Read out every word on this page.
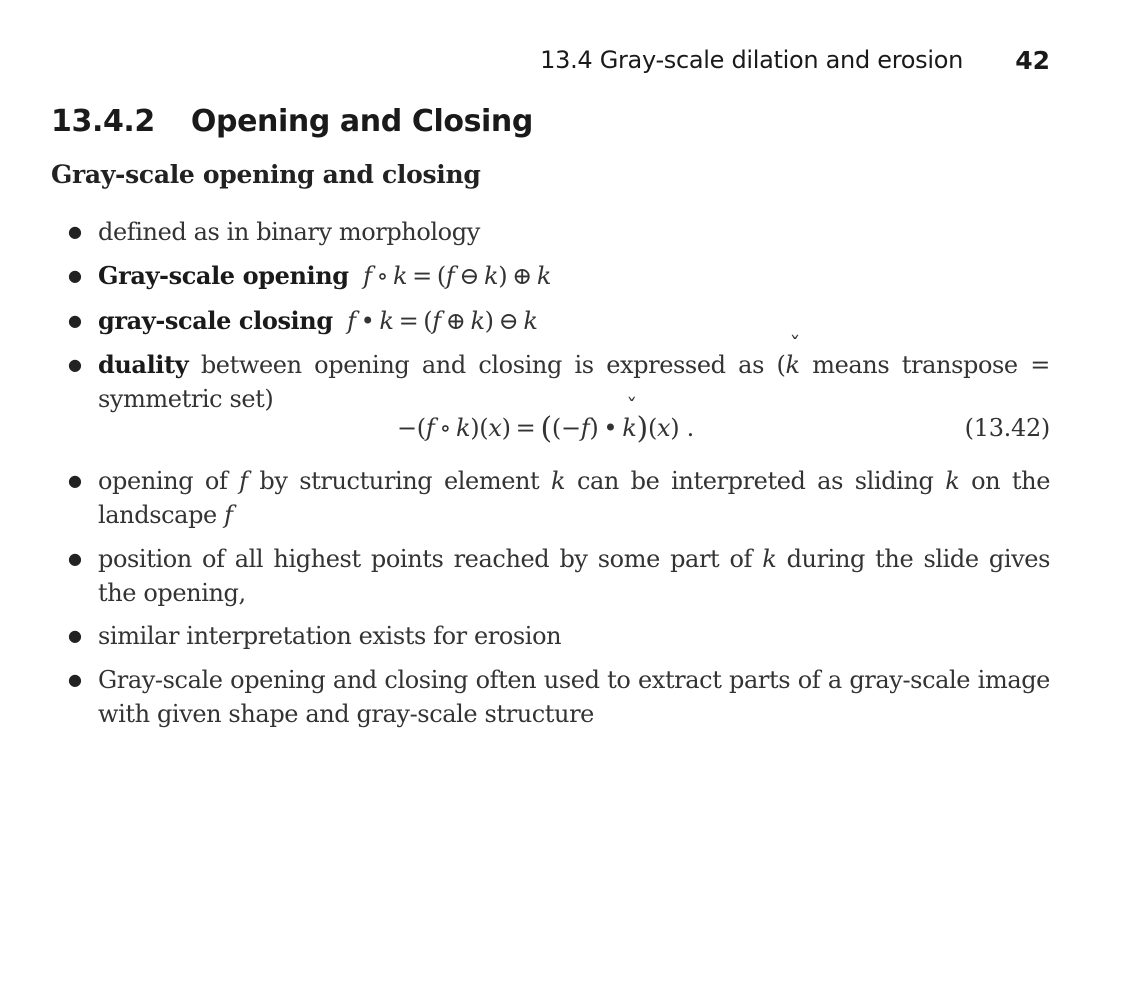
13.4 Gray-scale dilation and erosion 42
13.4.2 Opening and Closing
Gray-scale opening and closing
● defined as in binary morphology
● Gray-scale opening f ∘ k = (f ⊖ k) ⊕ k
● gray-scale closing f • k = (f ⊕ k) ⊖ k
● duality between opening and closing is expressed as (ˇ k means transpose = symmetric set)
−(f ∘ k)(x) = ((−f) •ˇ k)(x) .	(13.42)
● opening of f by structuring element k can be interpreted as sliding k on the landscape f
● position of all highest points reached by some part of k during the slide gives the opening,
● similar interpretation exists for erosion
● Gray-scale opening and closing often used to extract parts of a gray-scale image with given shape and gray-scale structure
